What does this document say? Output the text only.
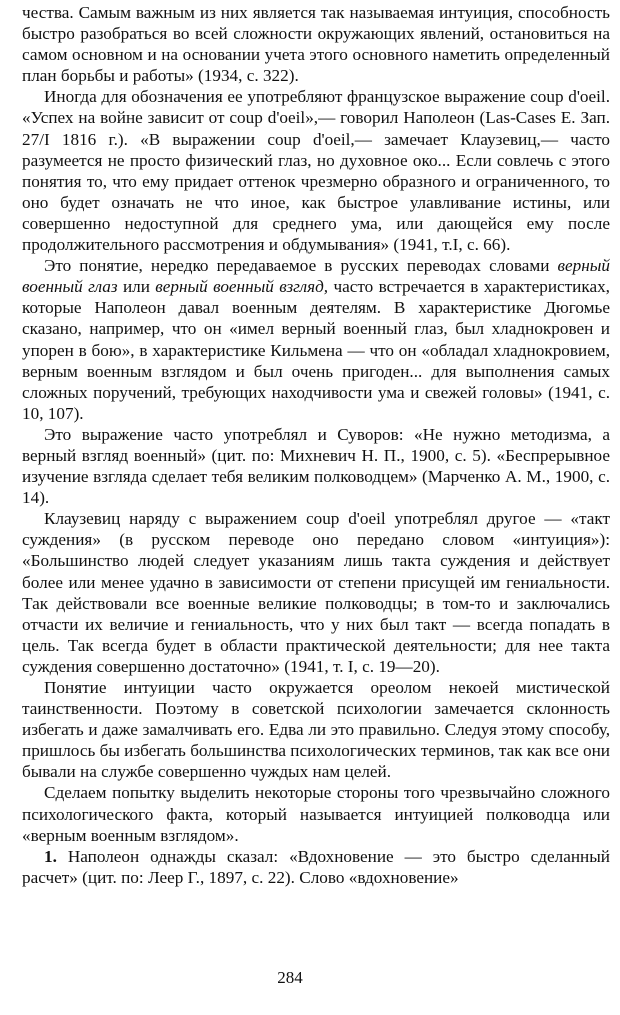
чества. Самым важным из них является так называемая интуиция, способность быстро разобраться во всей сложности окружающих явлений, остановиться на самом основном и на основании учета этого основного наметить определенный план борьбы и работы» (1934, с. 322).

Иногда для обозначения ее употребляют французское выражение coup d'oeil. «Успех на войне зависит от coup d'oeil»,— говорил Наполеон (Las-Cases E. Зап. 27/I 1816 г.). «В выражении coup d'oeil,— замечает Клаузевиц,— часто разумеется не просто физический глаз, но духовное око... Если совлечь с этого понятия то, что ему придает оттенок чрезмерно образного и ограниченного, то оно будет означать не что иное, как быстрое улавливание истины, или совершенно недоступной для среднего ума, или дающейся ему после продолжительного рассмотрения и обдумывания» (1941, т.I, с. 66).

Это понятие, нередко передаваемое в русских переводах словами верный военный глаз или верный военный взгляд, часто встречается в характеристиках, которые Наполеон давал военным деятелям. В характеристике Дюгомье сказано, например, что он «имел верный военный глаз, был хладнокровен и упорен в бою», в характеристике Кильмена — что он «обладал хладнокровием, верным военным взглядом и был очень пригоден... для выполнения самых сложных поручений, требующих находчивости ума и свежей головы» (1941, с. 10, 107).

Это выражение часто употреблял и Суворов: «Не нужно методизма, а верный взгляд военный» (цит. по: Михневич Н. П., 1900, с. 5). «Беспрерывное изучение взгляда сделает тебя великим полководцем» (Марченко А. М., 1900, с. 14).

Клаузевиц наряду с выражением coup d'oeil употреблял другое — «такт суждения» (в русском переводе оно передано словом «интуиция»): «Большинство людей следует указаниям лишь такта суждения и действует более или менее удачно в зависимости от степени присущей им гениальности. Так действовали все военные великие полководцы; в том-то и заключались отчасти их величие и гениальность, что у них был такт — всегда попадать в цель. Так всегда будет в области практической деятельности; для нее такта суждения совершенно достаточно» (1941, т. I, с. 19—20).

Понятие интуиции часто окружается ореолом некоей мистической таинственности. Поэтому в советской психологии замечается склонность избегать и даже замалчивать его. Едва ли это правильно. Следуя этому способу, пришлось бы избегать большинства психологических терминов, так как все они бывали на службе совершенно чуждых нам целей.

Сделаем попытку выделить некоторые стороны того чрезвычайно сложного психологического факта, который называется интуицией полководца или «верным военным взглядом».

1. Наполеон однажды сказал: «Вдохновение — это быстро сделанный расчет» (цит. по: Леер Г., 1897, с. 22). Слово «вдохновение»

284
